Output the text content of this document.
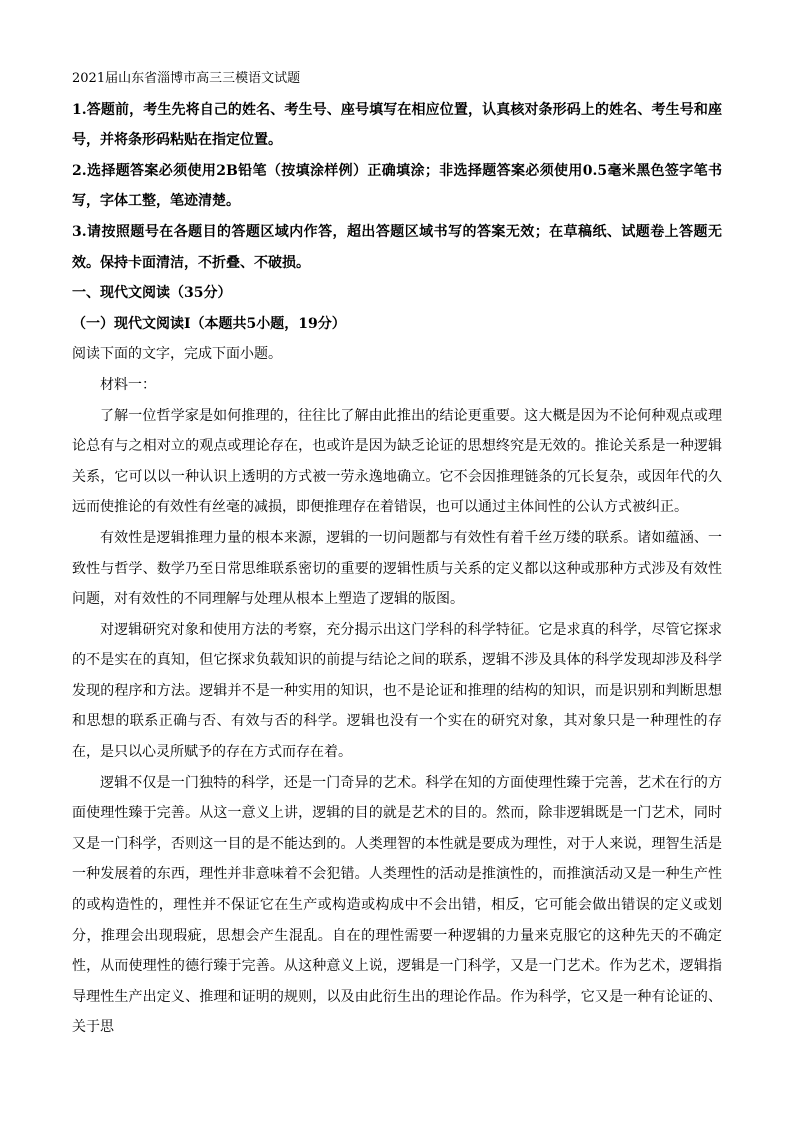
2021届山东省淄博市高三三模语文试题

1.答题前，考生先将自己的姓名、考生号、座号填写在相应位置，认真核对条形码上的姓名、考生号和座号，并将条形码粘贴在指定位置。

2.选择题答案必须使用2B铅笔（按填涂样例）正确填涂；非选择题答案必须使用0.5毫米黑色签字笔书写，字体工整，笔迹清楚。

3.请按照题号在各题目的答题区域内作答，超出答题区域书写的答案无效；在草稿纸、试题卷上答题无效。保持卡面清洁，不折叠、不破损。

一、现代文阅读（35分）

（一）现代文阅读Ⅰ（本题共5小题，19分）

阅读下面的文字，完成下面小题。

材料一：

了解一位哲学家是如何推理的，往往比了解由此推出的结论更重要。这大概是因为不论何种观点或理论总有与之相对立的观点或理论存在，也或许是因为缺乏论证的思想终究是无效的。推论关系是一种逻辑关系，它可以以一种认识上透明的方式被一劳永逸地确立。它不会因推理链条的冗长复杂，或因年代的久远而使推论的有效性有丝毫的减损，即便推理存在着错误，也可以通过主体间性的公认方式被纠正。

有效性是逻辑推理力量的根本来源，逻辑的一切问题都与有效性有着千丝万缕的联系。诸如蕴涵、一致性与哲学、数学乃至日常思维联系密切的重要的逻辑性质与关系的定义都以这种或那种方式涉及有效性问题，对有效性的不同理解与处理从根本上塑造了逻辑的版图。

对逻辑研究对象和使用方法的考察，充分揭示出这门学科的科学特征。它是求真的科学，尽管它探求的不是实在的真知，但它探求负载知识的前提与结论之间的联系，逻辑不涉及具体的科学发现却涉及科学发现的程序和方法。逻辑并不是一种实用的知识，也不是论证和推理的结构的知识，而是识别和判断思想和思想的联系正确与否、有效与否的科学。逻辑也没有一个实在的研究对象，其对象只是一种理性的存在，是只以心灵所赋予的存在方式而存在着。

逻辑不仅是一门独特的科学，还是一门奇异的艺术。科学在知的方面使理性臻于完善，艺术在行的方面使理性臻于完善。从这一意义上讲，逻辑的目的就是艺术的目的。然而，除非逻辑既是一门艺术，同时又是一门科学，否则这一目的是不能达到的。人类理智的本性就是要成为理性，对于人来说，理智生活是一种发展着的东西，理性并非意味着不会犯错。人类理性的活动是推演性的，而推演活动又是一种生产性的或构造性的，理性并不保证它在生产或构造或构成中不会出错，相反，它可能会做出错误的定义或划分，推理会出现瑕疵，思想会产生混乱。自在的理性需要一种逻辑的力量来克服它的这种先天的不确定性，从而使理性的德行臻于完善。从这种意义上说，逻辑是一门科学，又是一门艺术。作为艺术，逻辑指导理性生产出定义、推理和证明的规则，以及由此衍生出的理论作品。作为科学，它又是一种有论证的、关于思
